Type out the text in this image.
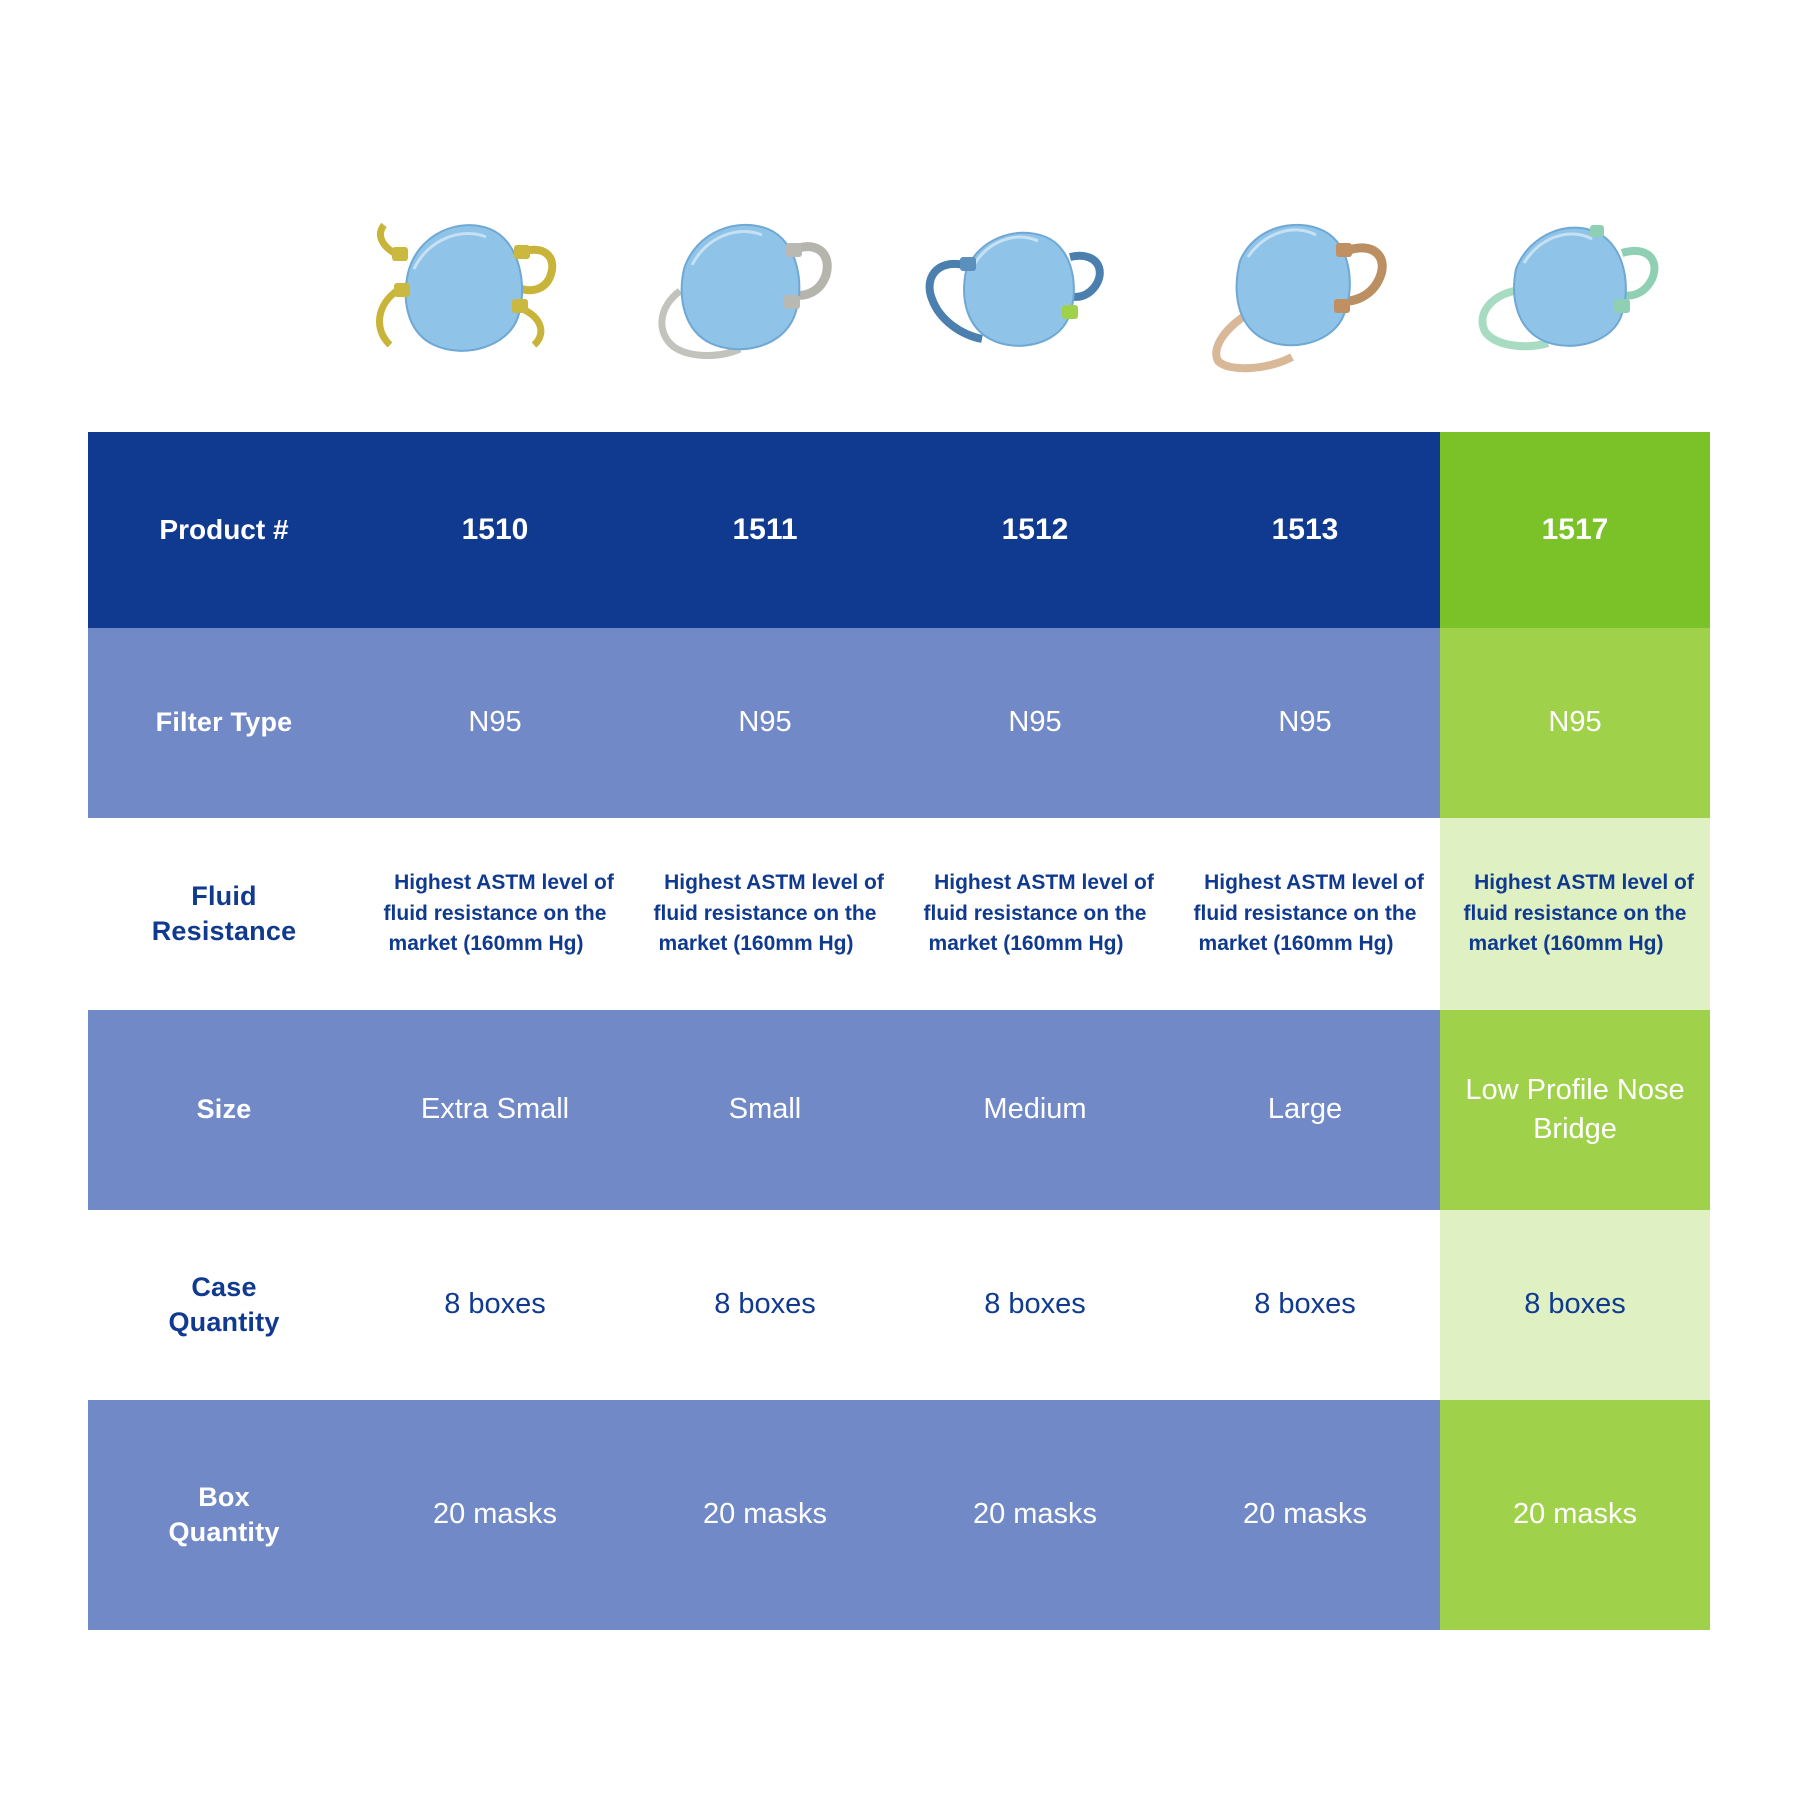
Product #	1510	1511	1512	1513	1517
Filter Type	N95	N95	N95	N95	N95

Fluid
Resistance	Highest ASTM level of fluid resistance on the market (160mm Hg)	Highest ASTM level of fluid resistance on the market (160mm Hg)	Highest ASTM level of fluid resistance on the market (160mm Hg)	Highest ASTM level of fluid resistance on the market (160mm Hg)	Highest ASTM level of fluid resistance on the market (160mm Hg)
Size	Extra Small	Small	Medium	Large	Low Profile Nose Bridge

Case
Quantity	8 boxes	8 boxes	8 boxes	8 boxes	8 boxes

Box
Quantity	20 masks	20 masks	20 masks	20 masks	20 masks
